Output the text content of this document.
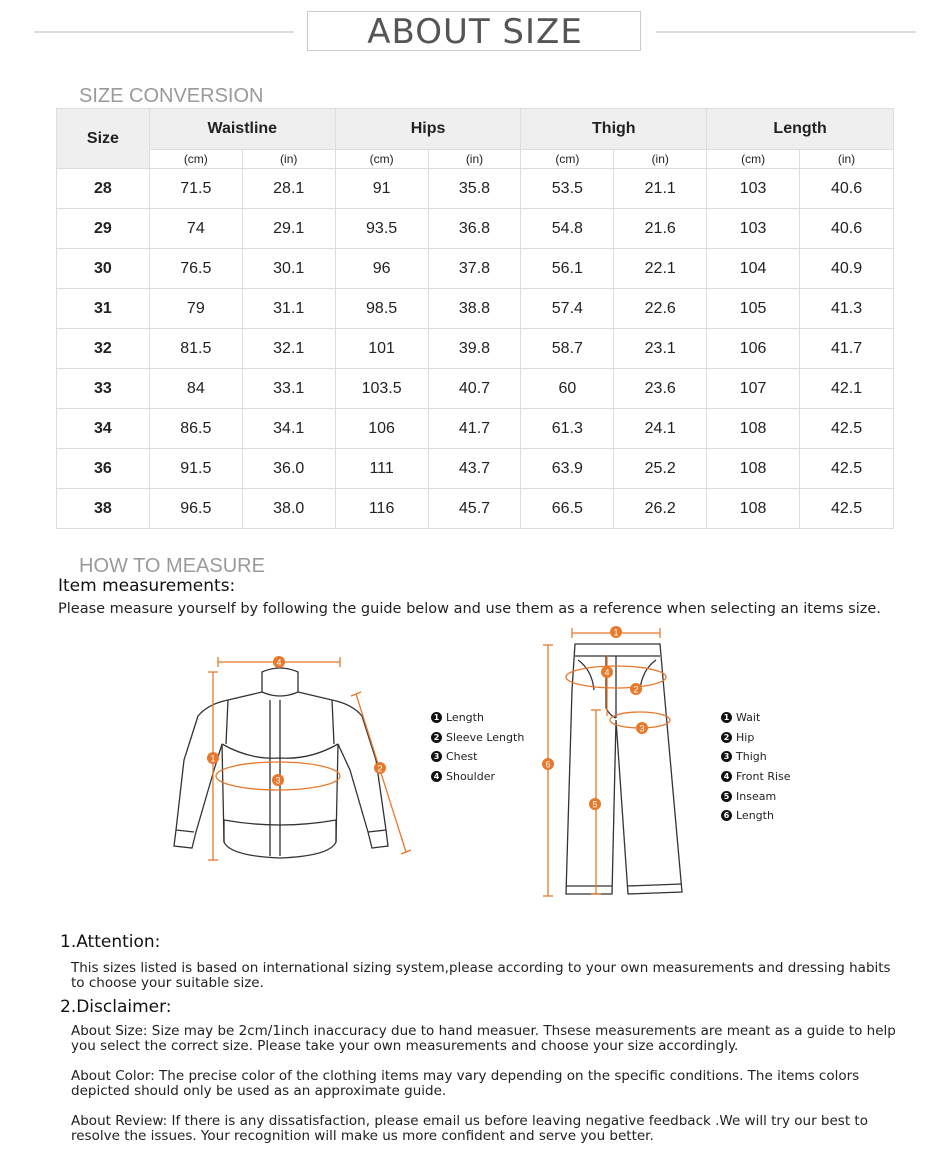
ABOUT SIZE
SIZE CONVERSION
Size	Waistline		Hips		Thigh		Length	
	(cm)	(in)	(cm)	(in)	(cm)	(in)	(cm)	(in)
28	71.5	28.1	91	35.8	53.5	21.1	103	40.6
29	74	29.1	93.5	36.8	54.8	21.6	103	40.6
30	76.5	30.1	96	37.8	56.1	22.1	104	40.9
31	79	31.1	98.5	38.8	57.4	22.6	105	41.3
32	81.5	32.1	101	39.8	58.7	23.1	106	41.7
33	84	33.1	103.5	40.7	60	23.6	107	42.1
34	86.5	34.1	106	41.7	61.3	24.1	108	42.5
36	91.5	36.0	111	43.7	63.9	25.2	108	42.5
38	96.5	38.0	116	45.7	66.5	26.2	108	42.5
HOW TO MEASURE
Item measurements:
Please measure yourself by following the guide below and use them as a reference when selecting an items size.
4
1
3
2
1
4
2
3
6
5
1 Length
2 Sleeve Length
3 Chest
4 Shoulder
1 Wait
2 Hip
3 Thigh
4 Front Rise
5 Inseam
6 Length
1.Attention:
This sizes listed is based on international sizing system,please according to your own measurements and dressing habits to choose your suitable size.
2.Disclaimer:
About Size: Size may be 2cm/1inch inaccuracy due to hand measuer. Thsese measurements are meant as a guide to help you select the correct size. Please take your own measurements and choose your size accordingly.
About Color: The precise color of the clothing items may vary depending on the specific conditions. The items colors depicted should only be used as an approximate guide.
About Review: If there is any dissatisfaction, please email us before leaving negative feedback .We will try our best to resolve the issues. Your recognition will make us more confident and serve you better.
